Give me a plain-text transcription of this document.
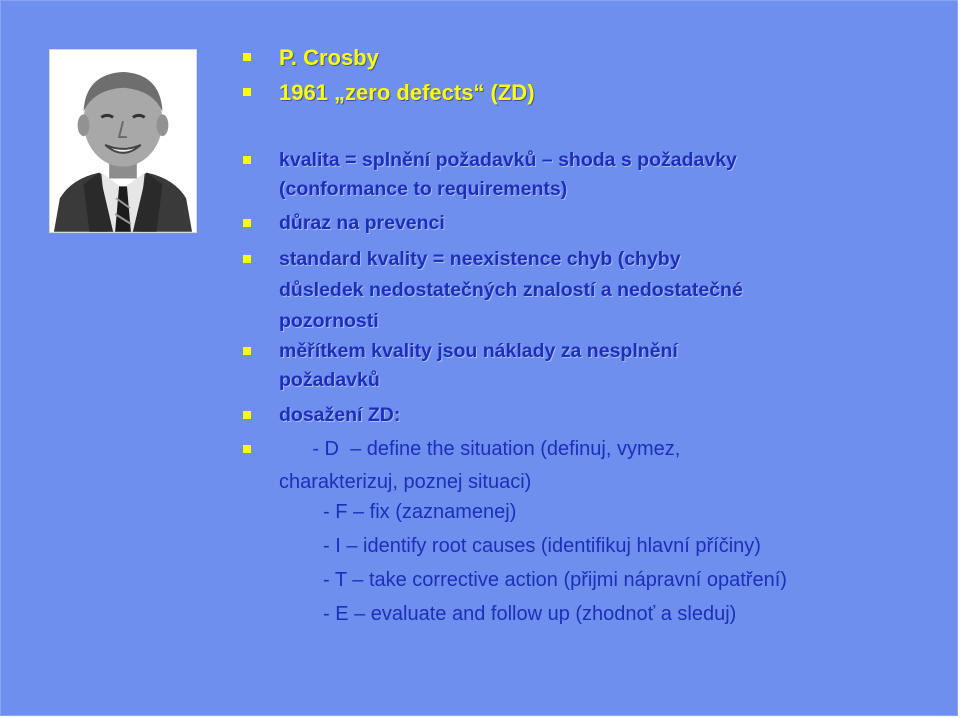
P. Crosby
1961 „zero defects“ (ZD)
kvalita = splnění požadavků – shoda s požadavky
(conformance to requirements)
důraz na prevenci
standard kvality = neexistence chyb (chyby
důsledek nedostatečných znalostí a nedostatečné
pozornosti
měřítkem kvality jsou náklady za nesplnění
požadavků
dosažení ZD:
- D  – define the situation (definuj, vymez,
charakterizuj, poznej situaci)
- F – fix (zaznamenej)
- I – identify root causes (identifikuj hlavní příčiny)
- T – take corrective action (přijmi nápravní opatření)
- E – evaluate and follow up (zhodnoť a sleduj)
